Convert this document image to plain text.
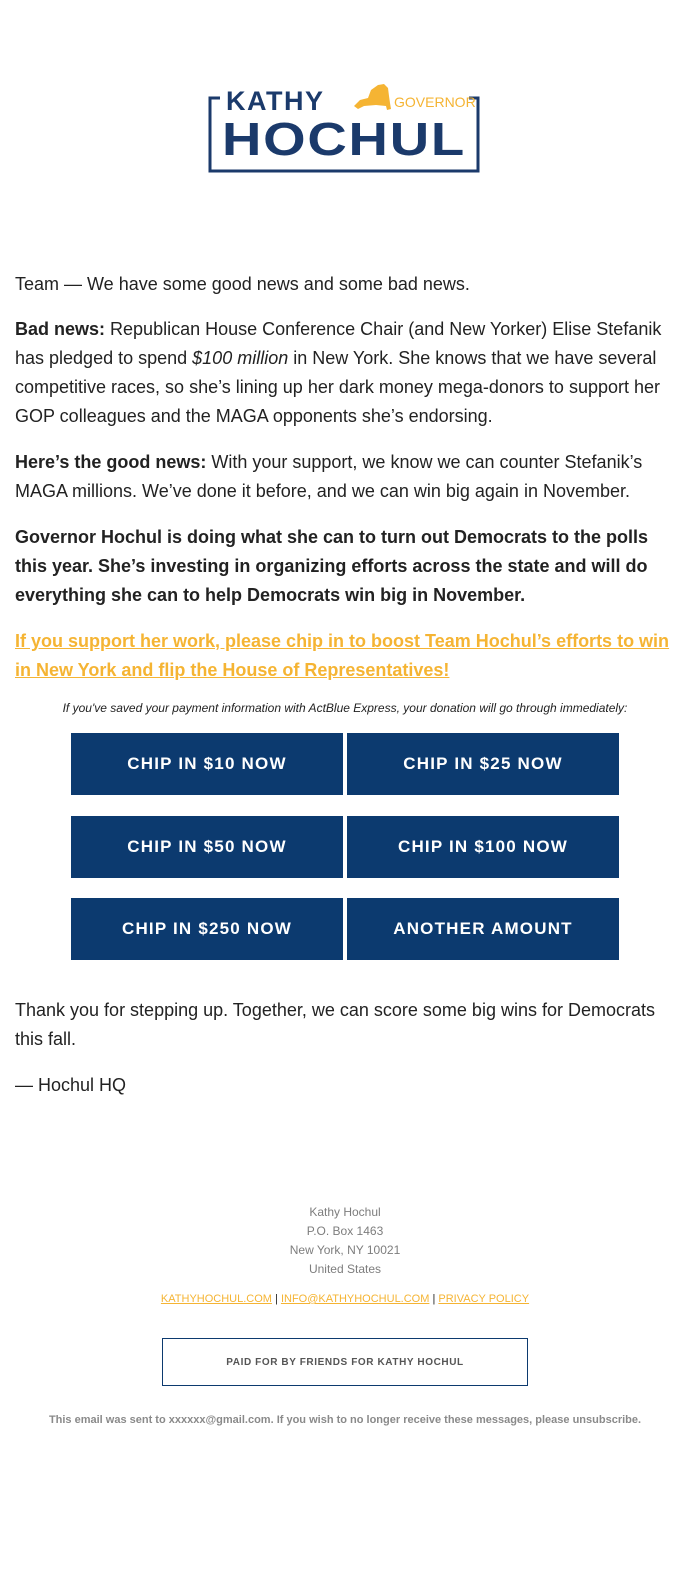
KATHY	GOVERNOR
HOCHUL

Team — We have some good news and some bad news.

Bad news: Republican House Conference Chair (and New Yorker) Elise Stefanik has pledged to spend $100 million in New York. She knows that we have several competitive races, so she’s lining up her dark money mega-donors to support her GOP colleagues and the MAGA opponents she’s endorsing.

Here’s the good news: With your support, we know we can counter Stefanik’s MAGA millions. We’ve done it before, and we can win big again in November.

Governor Hochul is doing what she can to turn out Democrats to the polls this year. She’s investing in organizing efforts across the state and will do everything she can to help Democrats win big in November.

If you support her work, please chip in to boost Team Hochul’s efforts to win in New York and flip the House of Representatives!

If you've saved your payment information with ActBlue Express, your donation will go through immediately:
CHIP IN $10 NOW	CHIP IN $25 NOW
CHIP IN $50 NOW	CHIP IN $100 NOW
CHIP IN $250 NOW	ANOTHER AMOUNT

Thank you for stepping up. Together, we can score some big wins for Democrats this fall.

— Hochul HQ

Kathy Hochul
P.O. Box 1463
New York, NY 10021
United States
KATHYHOCHUL.COM | INFO@KATHYHOCHUL.COM | PRIVACY POLICY
PAID FOR BY FRIENDS FOR KATHY HOCHUL
This email was sent to xxxxxx@gmail.com. If you wish to no longer receive these messages, please unsubscribe.
